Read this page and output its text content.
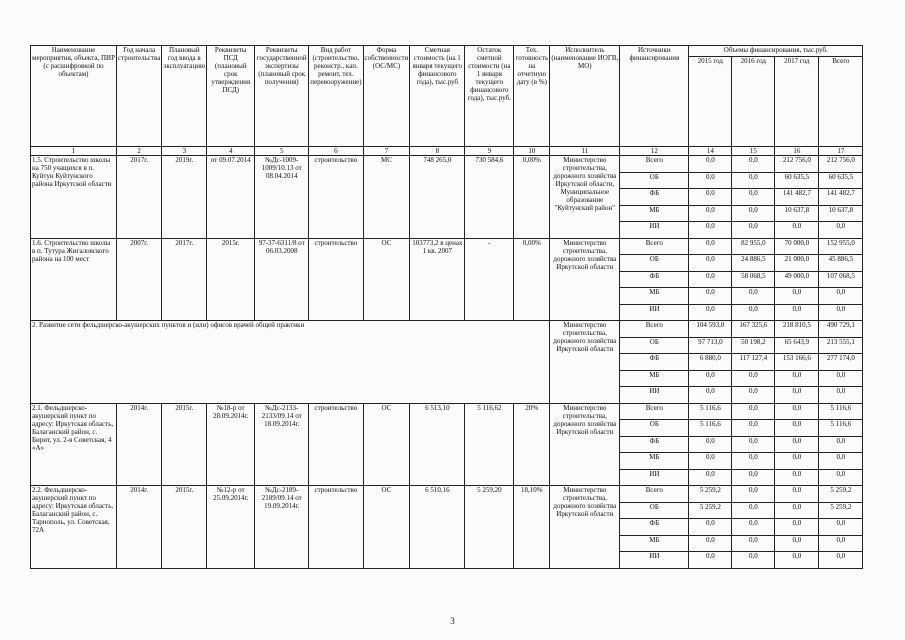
Наименование мероприятия, объекта, ПИР (с расшифровкой по объектам)	Год начала строительства	Плановый год ввода в эксплуатацию	Реквизиты ПСД (плановый срок утверждения ПСД)	Реквизиты государственной экспертизы (плановый срок получения)	Вид работ (строительство, реконстр., кап. ремонт, тех. перевооружение)	Форма собственности (ОС/МС)	Сметная стоимость (на 1 января текущего финансового года), тыс.руб	Остаток сметной стоимости (на 1 января текущего финансового года), тыс.руб.	Тех. готовность на отчетную дату (в %)	Исполнитель (наименование ИОГВ, МО)	Источники финансирования	Объемы финансирования, тыс.руб.			
												2015 год	2016 год	2017 год	Всего
1	2	3	4	5	6	7	8	9	10	11	12	14	15	16	17
1.5. Строительство школы на 750 учащихся в п. Куйтун Куйтунского района Иркутской области	2017г.	2019г.	от 09.07.2014	№Дс-1009-1009/10.13 от 08.04.2014	строительство	МС	748 265,0	730 584,6	0,00%	Министерство строительства, дорожного хозяйства Иркутской области, Муниципальное образование "Куйтунский район"	Всего	0,0	0,0	212 756,0	212 756,0
											ОБ	0,0	0,0	60 635,5	60 635,5
											ФБ	0,0	0,0	141 482,7	141 482,7
											МБ	0,0	0,0	10 637,8	10 637,8
											ИИ	0,0	0,0	0,0	0,0
1.6. Строительство школы в п. Тутура Жигаловского района на 100 мест	2007г.	2017г.	2015г.	97-37-6311/8 от 06.03.2008	строительство	ОС	103773,2 в ценах 1 кв. 2007	-	0,00%	Министерство строительства, дорожного хозяйства Иркутской области	Всего	0,0	82 955,0	70 000,0	152 955,0
											ОБ	0,0	24 886,5	21 000,0	45 886,5
											ФБ	0,0	58 068,5	49 000,0	107 068,5
											МБ	0,0	0,0	0,0	0,0
											ИИ	0,0	0,0	0,0	0,0
2. Развитие сети фельдшерско-акушерских пунктов и (или) офисов врачей общей практики										Министерство строительства, дорожного хозяйства Иркутской области	Всего	104 593,0	167 325,6	218 810,5	490 729,1
											ОБ	97 713,0	50 198,2	65 643,9	213 555,1
											ФБ	6 880,0	117 127,4	153 166,6	277 174,0
											МБ	0,0	0,0	0,0	0,0
											ИИ	0,0	0,0	0,0	0,0
2.1. Фельдшерско-акушерский пункт по адресу: Иркутская область, Балаганский район, с. Бирит, ул. 2-я Советская, 4 «А»	2014г.	2015г.	№18-р от 28.09.2014г.	№Дс-2133-2133/09.14 от 18.09.2014г.	строительство	ОС	6 513,10	5 116,62	20%	Министерство строительства, дорожного хозяйства Иркутской области	Всего	5 116,6	0,0	0,0	5 116,6
											ОБ	5 116,6	0,0	0,0	5 116,6
											ФБ	0,0	0,0	0,0	0,0
											МБ	0,0	0,0	0,0	0,0
											ИИ	0,0	0,0	0,0	0,0
2.2. Фельдшерско-акушерский пункт по адресу: Иркутская область, Балаганский район, с. Тарнополь, ул. Советская, 72А	2014г.	2015г.	№12-р от 25.09.2014г.	№Дс-2189-2189/09.14 от 19.09.2014г.	строительство	ОС	6 510,16	5 259,20	18,10%	Министерство строительства, дорожного хозяйства Иркутской области	Всего	5 259,2	0,0	0,0	5 259,2
											ОБ	5 259,2	0,0	0,0	5 259,2
											ФБ	0,0	0,0	0,0	0,0
											МБ	0,0	0,0	0,0	0,0
											ИИ	0,0	0,0	0,0	0,0
3
